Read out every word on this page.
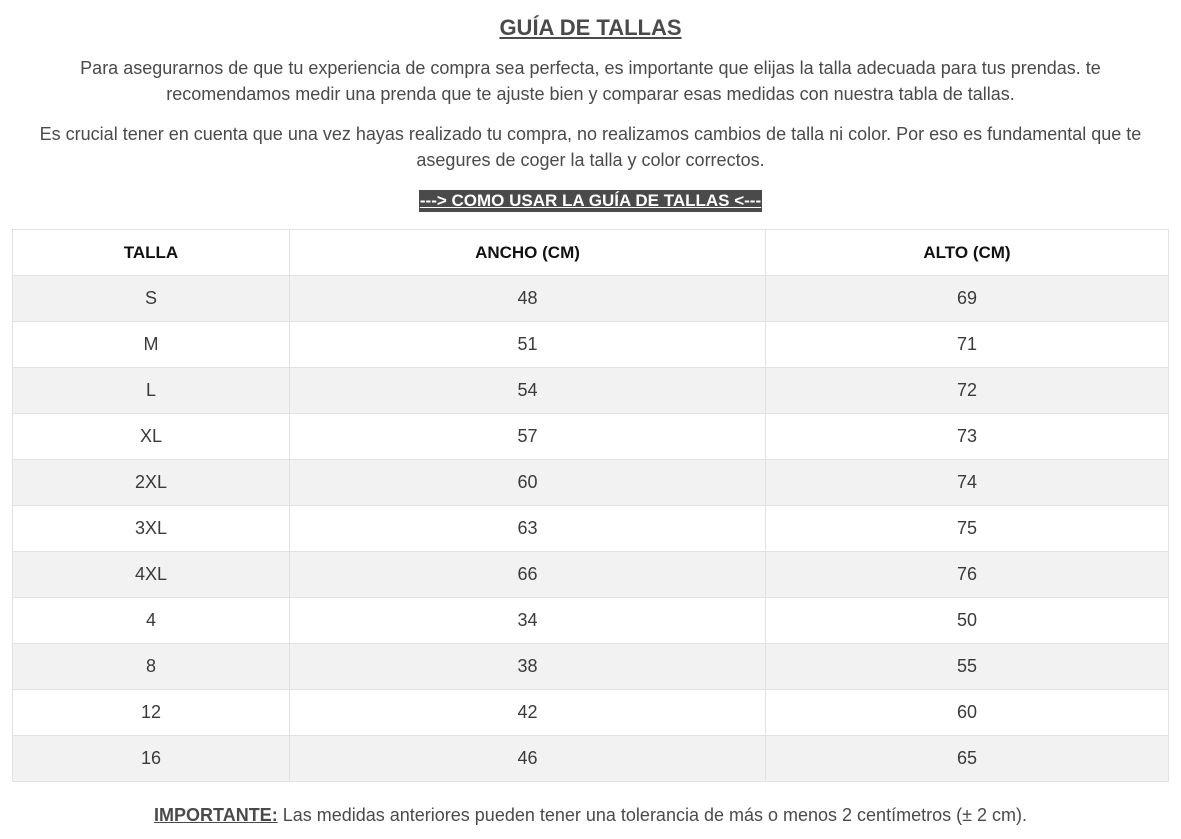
GUÍA DE TALLAS

Para asegurarnos de que tu experiencia de compra sea perfecta, es importante que elijas la talla adecuada para tus prendas. te recomendamos medir una prenda que te ajuste bien y comparar esas medidas con nuestra tabla de tallas.

Es crucial tener en cuenta que una vez hayas realizado tu compra, no realizamos cambios de talla ni color. Por eso es fundamental que te asegures de coger la talla y color correctos.

---> COMO USAR LA GUÍA DE TALLAS <---
TALLA	ANCHO (CM)	ALTO (CM)
S	48	69
M	51	71
L	54	72
XL	57	73
2XL	60	74
3XL	63	75
4XL	66	76
4	34	50
8	38	55
12	42	60
16	46	65

IMPORTANTE: Las medidas anteriores pueden tener una tolerancia de más o menos 2 centímetros (± 2 cm).
